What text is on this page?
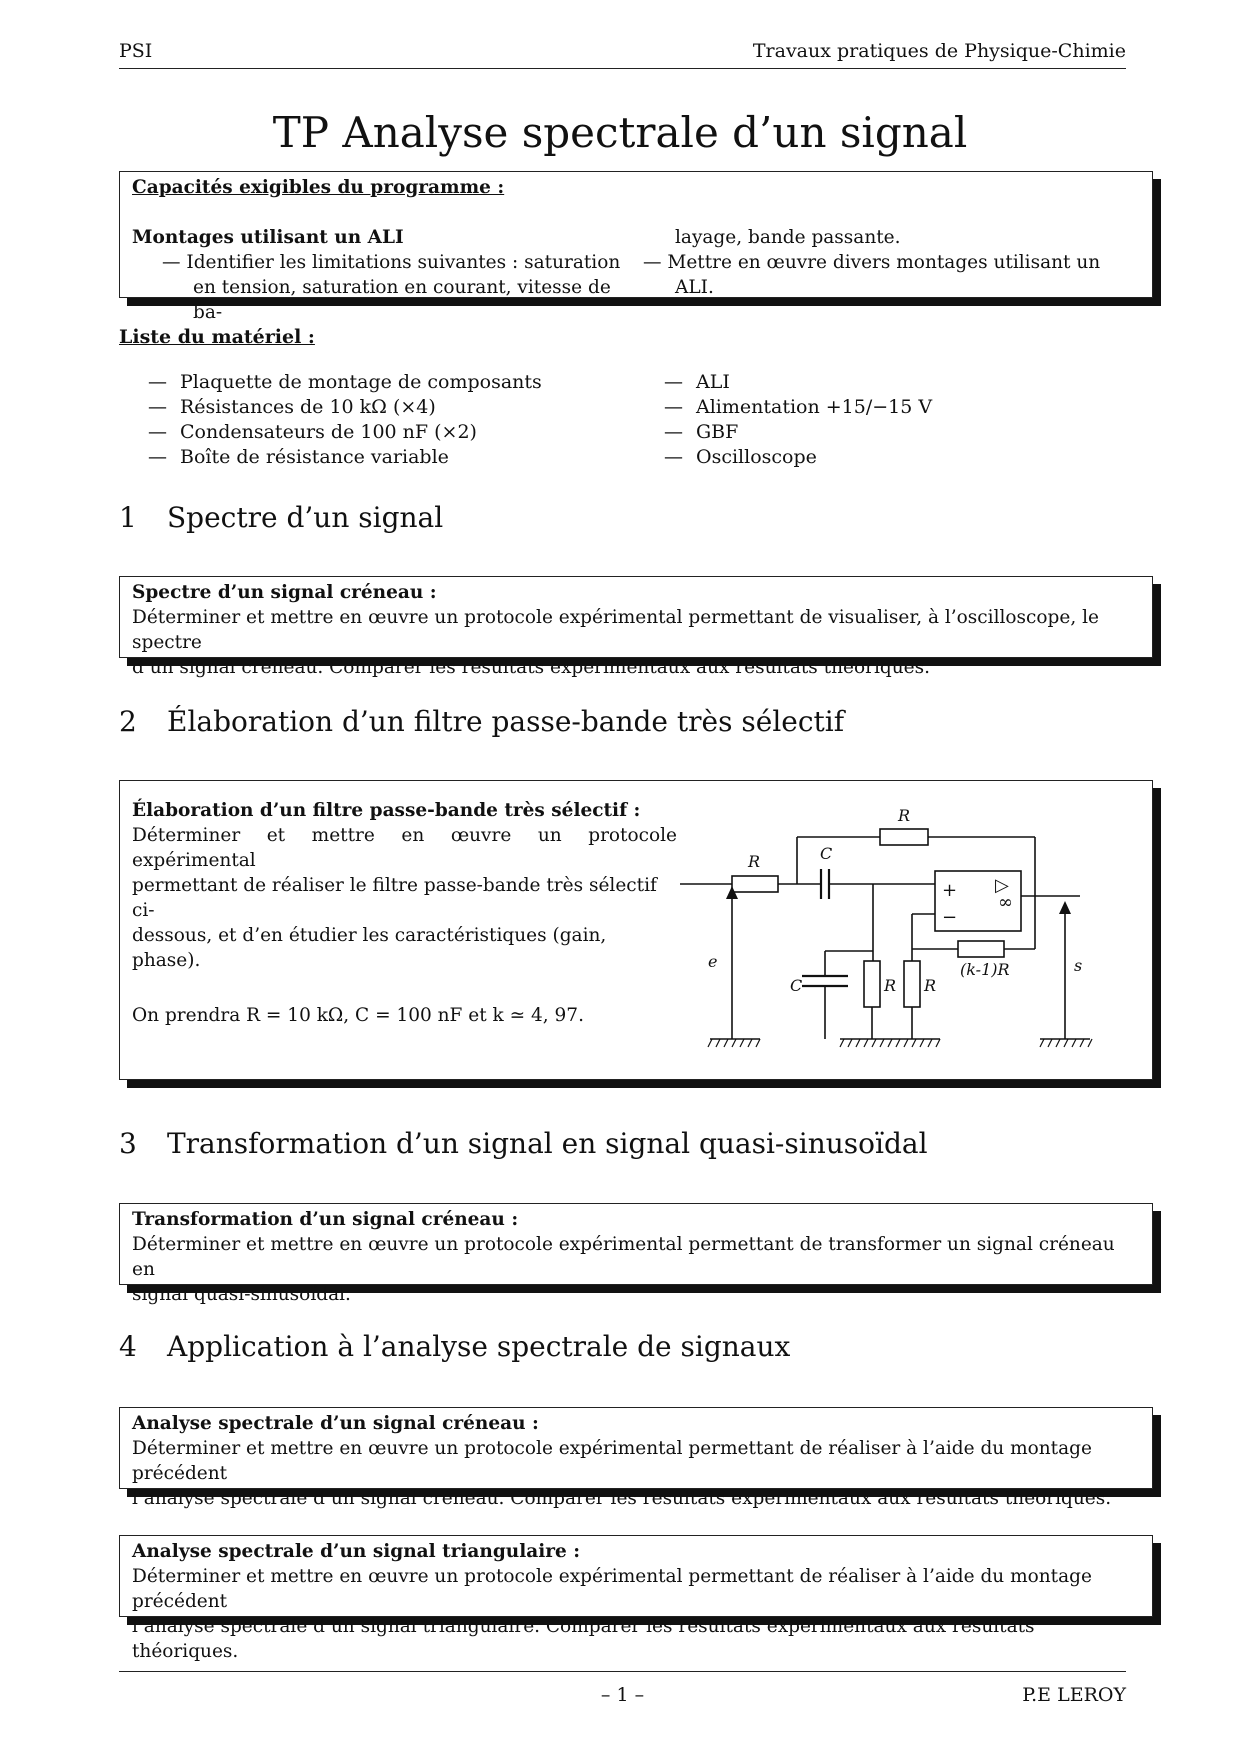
PSI	Travaux pratiques de Physique-Chimie
TP Analyse spectrale d’un signal
Capacités exigibles du programme :
Montages utilisant un ALI
— Identifier les limitations suivantes : saturation
en tension, saturation en courant, vitesse de ba-
layage, bande passante.
— Mettre en œuvre divers montages utilisant un
ALI.
Liste du matériel :
— Plaquette de montage de composants
— Résistances de 10 kΩ (×4)
— Condensateurs de 100 nF (×2)
— Boîte de résistance variable
— ALI
— Alimentation +15/−15 V
— GBF
— Oscilloscope
1 Spectre d’un signal
Spectre d’un signal créneau :
Déterminer et mettre en œuvre un protocole expérimental permettant de visualiser, à l’oscilloscope, le spectre
d’un signal créneau. Comparer les résultats expérimentaux aux résultats théoriques.
2 Élaboration d’un filtre passe-bande très sélectif
Élaboration d’un filtre passe-bande très sélectif :
Déterminer et mettre en œuvre un protocole expérimental
permettant de réaliser le filtre passe-bande très sélectif ci-
dessous, et d’en étudier les caractéristiques (gain, phase).
On prendra R = 10 kΩ, C = 100 nF et k ≃ 4, 97.
R
R	C
C	R R
(k-1)R
e	s
+
−
▷
∞
3 Transformation d’un signal en signal quasi-sinusoïdal
Transformation d’un signal créneau :
Déterminer et mettre en œuvre un protocole expérimental permettant de transformer un signal créneau en
signal quasi-sinusoïdal.
4 Application à l’analyse spectrale de signaux
Analyse spectrale d’un signal créneau :
Déterminer et mettre en œuvre un protocole expérimental permettant de réaliser à l’aide du montage précédent
l’analyse spectrale d’un signal créneau. Comparer les résultats expérimentaux aux résultats théoriques.
Analyse spectrale d’un signal triangulaire :
Déterminer et mettre en œuvre un protocole expérimental permettant de réaliser à l’aide du montage précédent
l’analyse spectrale d’un signal triangulaire. Comparer les résultats expérimentaux aux résultats théoriques.
– 1 –	P.E LEROY
